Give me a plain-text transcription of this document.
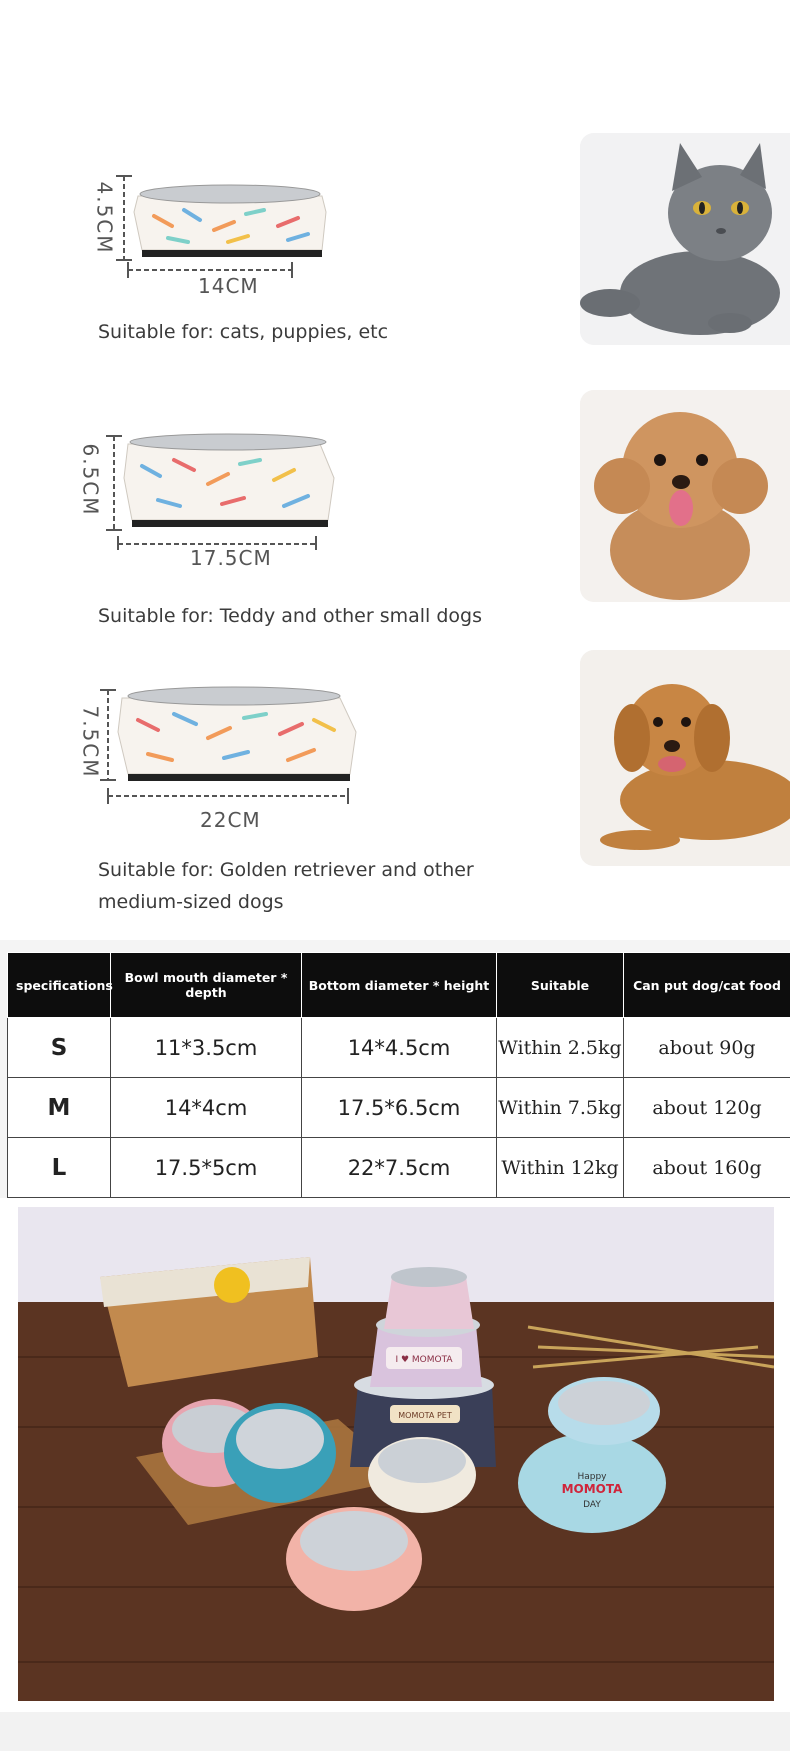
4.5CM
14CM
Suitable for: cats, puppies, etc
6.5CM
17.5CM
Suitable for: Teddy and other small dogs
7.5CM
22CM
Suitable for: Golden retriever and other
medium-sized dogs
specifications	Bowl mouth diameter * depth	Bottom diameter * height	Suitable	Can put dog/cat food
S	11*3.5cm	14*4.5cm	Within 2.5kg	about 90g
M	14*4cm	17.5*6.5cm	Within 7.5kg	about 120g
L	17.5*5cm	22*7.5cm	Within 12kg	about 160g
I ♥ MOMOTA
MOMOTA PET
Happy
MOMOTA
DAY
